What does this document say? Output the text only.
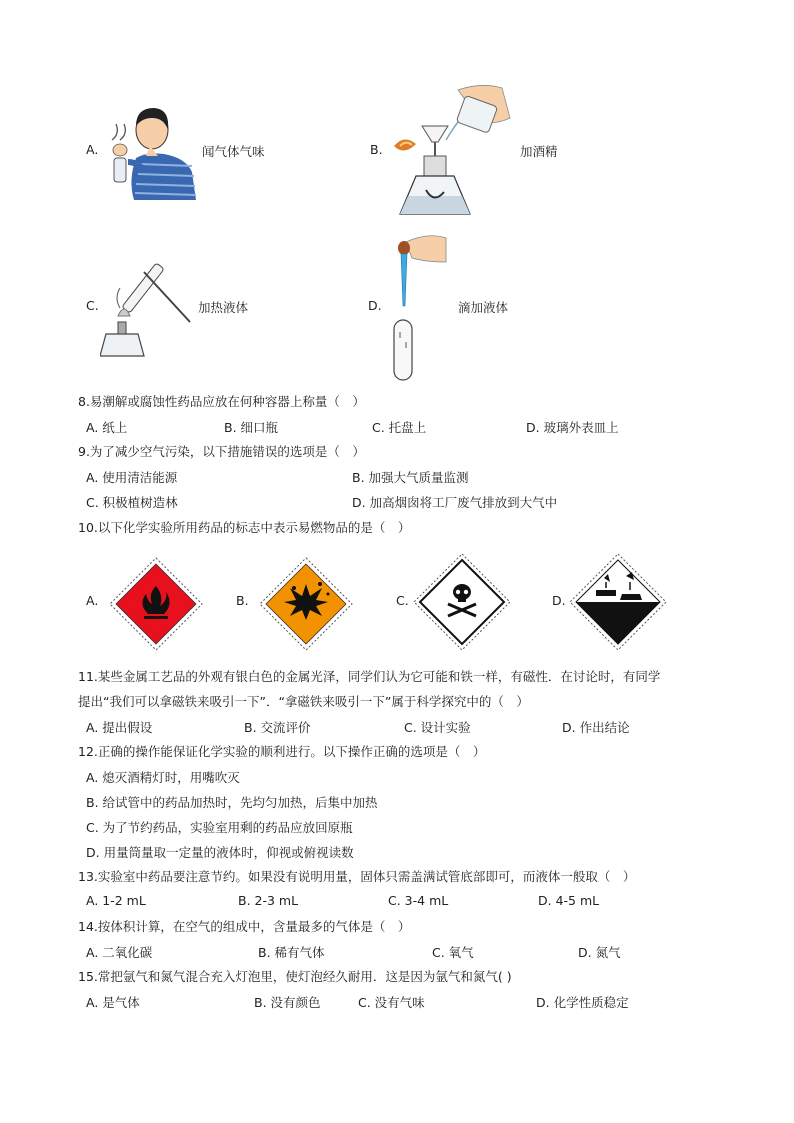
A.	闻气体气味	B.	加酒精
C.	加热液体	D.	滴加液体
8.易潮解或腐蚀性药品应放在何种容器上称量（　）
A. 纸上	B. 细口瓶	C. 托盘上	D. 玻璃外表皿上
9.为了减少空气污染，以下措施错误的选项是（　）
A. 使用清洁能源	B. 加强大气质量监测
C. 积极植树造林	D. 加高烟囱将工厂废气排放到大气中
10.以下化学实验所用药品的标志中表示易燃物品的是（　）
A.	B.	C.	D.
11.某些金属工艺品的外观有银白色的金属光泽，同学们认为它可能和铁一样，有磁性．在讨论时，有同学
提出“我们可以拿磁铁来吸引一下”．“拿磁铁来吸引一下”属于科学探究中的（　）
A. 提出假设	B. 交流评价	C. 设计实验	D. 作出结论
12.正确的操作能保证化学实验的顺利进行。以下操作正确的选项是（　）
A. 熄灭酒精灯时，用嘴吹灭
B. 给试管中的药品加热时，先均匀加热，后集中加热
C. 为了节约药品，实验室用剩的药品应放回原瓶
D. 用量筒量取一定量的液体时，仰视或俯视读数
13.实验室中药品要注意节约。如果没有说明用量，固体只需盖满试管底部即可，而液体一般取（　）
A. 1-2 mL	B. 2-3 mL	C. 3-4 mL	D. 4-5 mL
14.按体积计算，在空气的组成中，含量最多的气体是（　）
A. 二氧化碳	B. 稀有气体	C. 氧气	D. 氮气
15.常把氩气和氮气混合充入灯泡里，使灯泡经久耐用．这是因为氩气和氮气( )
A. 是气体	B. 没有颜色	C. 没有气味	D. 化学性质稳定
